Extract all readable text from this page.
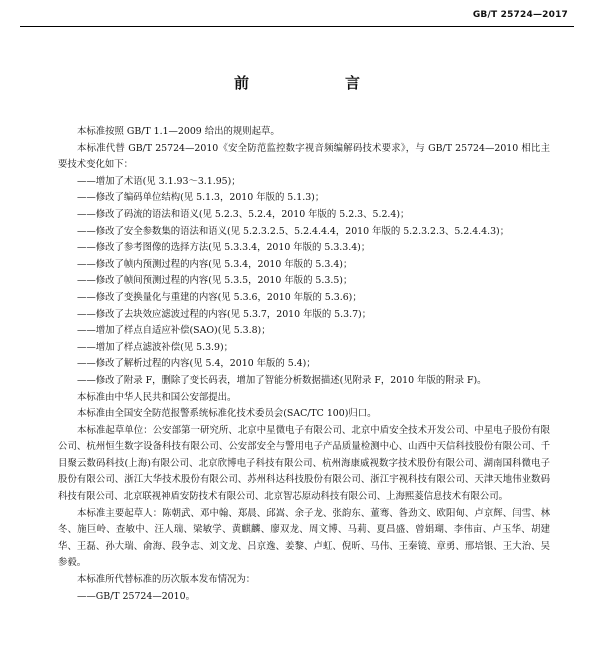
GB/T 25724—2017
前　　言

本标准按照 GB/T 1.1—2009 给出的规则起草。

本标准代替 GB/T 25724—2010《安全防范监控数字视音频编解码技术要求》，与 GB/T 25724—2010 相比主要技术变化如下：

——增加了术语(见 3.1.93～3.1.95)；

——修改了编码单位结构(见 5.1.3，2010 年版的 5.1.3)；

——修改了码流的语法和语义(见 5.2.3、5.2.4，2010 年版的 5.2.3、5.2.4)；

——修改了安全参数集的语法和语义(见 5.2.3.2.5、5.2.4.4.4，2010 年版的 5.2.3.2.3、5.2.4.4.3)；

——修改了参考图像的选择方法(见 5.3.3.4，2010 年版的 5.3.3.4)；

——修改了帧内预测过程的内容(见 5.3.4，2010 年版的 5.3.4)；

——修改了帧间预测过程的内容(见 5.3.5，2010 年版的 5.3.5)；

——修改了变换量化与重建的内容(见 5.3.6，2010 年版的 5.3.6)；

——修改了去块效应滤波过程的内容(见 5.3.7，2010 年版的 5.3.7)；

——增加了样点自适应补偿(SAO)(见 5.3.8)；

——增加了样点滤波补偿(见 5.3.9)；

——修改了解析过程的内容(见 5.4，2010 年版的 5.4)；

——修改了附录 F，删除了变长码表，增加了智能分析数据描述(见附录 F，2010 年版的附录 F)。

本标准由中华人民共和国公安部提出。

本标准由全国安全防范报警系统标准化技术委员会(SAC/TC 100)归口。

本标准起草单位：公安部第一研究所、北京中星微电子有限公司、北京中盾安全技术开发公司、中星电子股份有限公司、杭州恒生数字设备科技有限公司、公安部安全与警用电子产品质量检测中心、山西中天信科技股份有限公司、千目聚云数码科技(上海)有限公司、北京欣博电子科技有限公司、杭州海康威视数字技术股份有限公司、湖南国科微电子股份有限公司、浙江大华技术股份有限公司、苏州科达科技股份有限公司、浙江宇视科技有限公司、天津天地伟业数码科技有限公司、北京联视神盾安防技术有限公司、北京智芯原动科技有限公司、上海熙菱信息技术有限公司。

本标准主要起草人：陈朝武、邓中翰、郑晨、邱嵩、余子龙、张韵东、董骞、昝劲文、欧阳甸、卢京辉、闫雪、林冬、施巨岭、查敏中、汪人瑞、梁敏学、黄麒麟、廖双龙、周文博、马莉、夏昌盛、曾娟瑚、李伟亩、卢玉华、胡建华、王磊、孙大瑞、俞海、段争志、刘文龙、吕京逸、姜黎、卢虹、倪昕、马伟、王秦镜、章勇、邢培银、王大治、吴参毅。

本标准所代替标准的历次版本发布情况为：

——GB/T 25724—2010。
